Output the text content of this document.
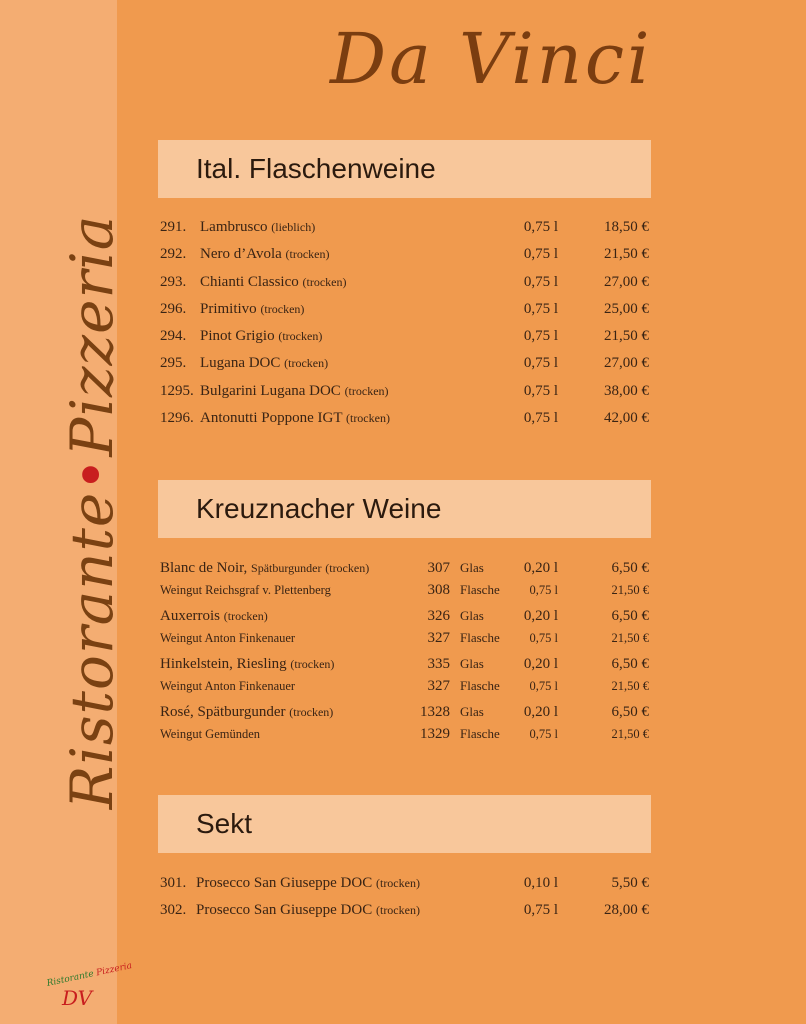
Ristorante•Pizzeria
Ristorante Pizzeria
DV
Da Vinci
Ital. Flaschenweine
291. Lambrusco (lieblich)	0,75 l	18,50 €
292. Nero d’Avola (trocken)	0,75 l	21,50 €
293. Chianti Classico (trocken)	0,75 l	27,00 €
296. Primitivo (trocken)	0,75 l	25,00 €
294. Pinot Grigio (trocken)	0,75 l	21,50 €
295. Lugana DOC (trocken)	0,75 l	27,00 €
1295. Bulgarini Lugana DOC (trocken)	0,75 l	38,00 €
1296. Antonutti Poppone IGT (trocken)	0,75 l	42,00 €
Kreuznacher Weine
Blanc de Noir, Spätburgunder (trocken)	307 Glas	0,20 l	6,50 €
Weingut Reichsgraf v. Plettenberg	308 Flasche	0,75 l	21,50 €
Auxerrois (trocken)	326 Glas	0,20 l	6,50 €
Weingut Anton Finkenauer	327 Flasche	0,75 l	21,50 €
Hinkelstein, Riesling (trocken)	335 Glas	0,20 l	6,50 €
Weingut Anton Finkenauer	327 Flasche	0,75 l	21,50 €
Rosé, Spätburgunder (trocken)	1328 Glas	0,20 l	6,50 €
Weingut Gemünden	1329 Flasche	0,75 l	21,50 €
Sekt
301. Prosecco San Giuseppe DOC (trocken)	0,10 l	5,50 €
302. Prosecco San Giuseppe DOC (trocken)	0,75 l	28,00 €
